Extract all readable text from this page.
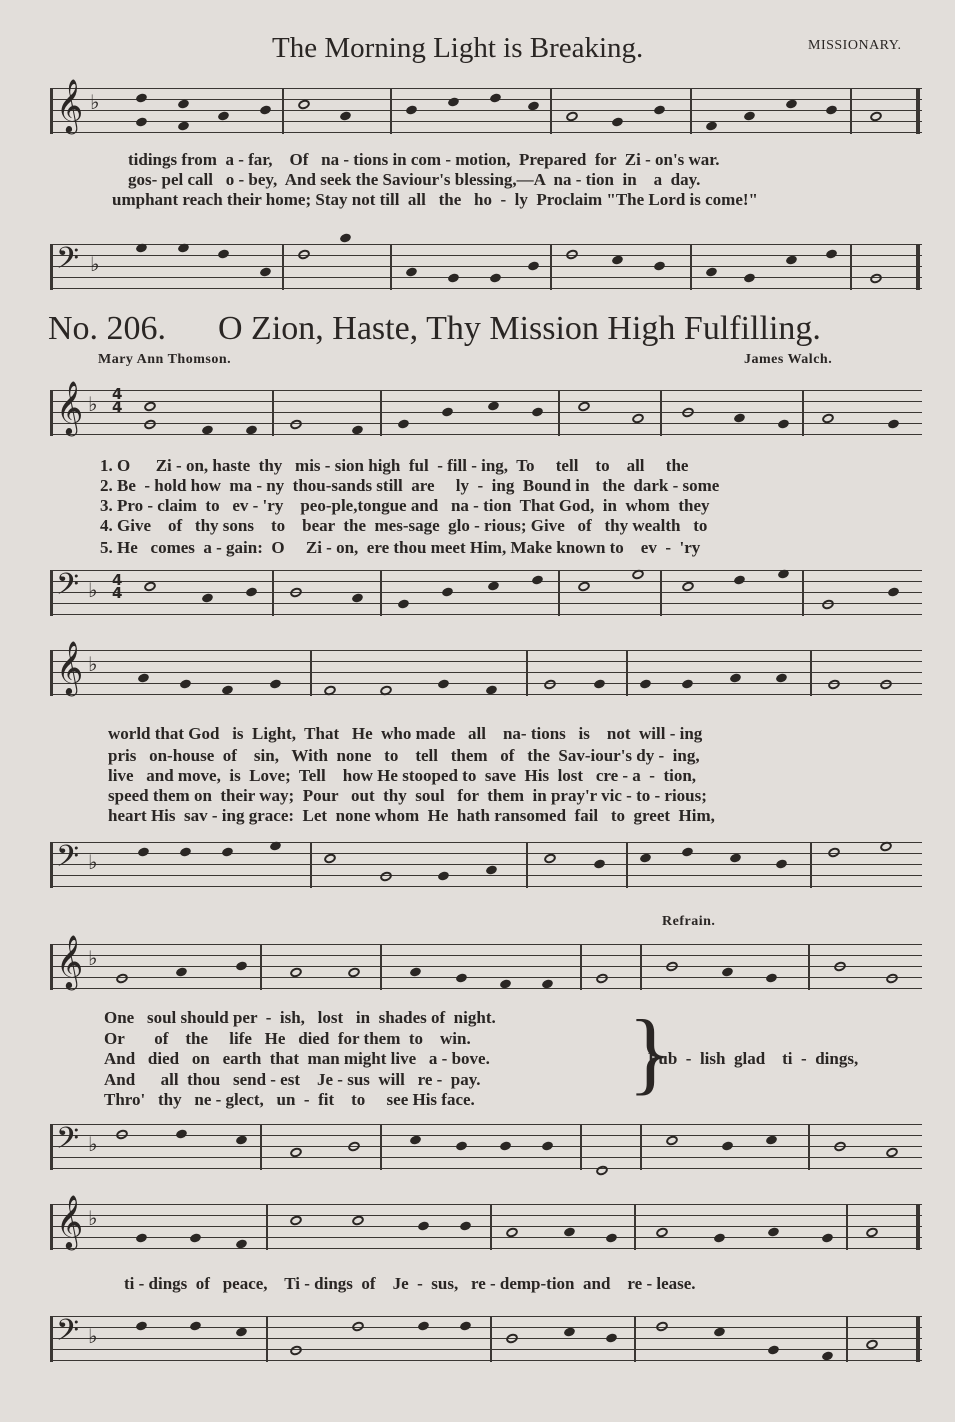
The Morning Light is Breaking.	MISSIONARY.
𝄞 ♭
tidings from  a - far,    Of   na - tions in com - motion,  Prepared  for  Zi - on's war.
gos- pel call   o - bey,  And seek the Saviour's blessing,—A  na - tion  in    a  day.
umphant reach their home; Stay not till  all   the   ho  -  ly  Proclaim "The Lord is come!"
𝄢 ♭
No. 206. O Zion, Haste, Thy Mission High Fulfilling.
Mary Ann Thomson.	James Walch.
𝄞 ♭ 4
4
1. O      Zi - on, haste  thy   mis - sion high  ful  - fill - ing,  To     tell    to    all     the
2. Be  - hold how  ma - ny  thou-sands still  are     ly  -  ing  Bound in   the  dark - some
3. Pro - claim  to   ev - 'ry    peo-ple,tongue and   na - tion  That God,  in  whom  they
4. Give    of   thy sons    to    bear  the  mes-sage  glo - rious; Give   of   thy wealth   to
5. He   comes  a - gain:  O     Zi - on,  ere thou meet Him, Make known to    ev  -  'ry
𝄢 ♭ 4
4
𝄞 ♭
world that God   is  Light,  That   He  who made   all    na- tions   is    not  will - ing
pris   on-house  of    sin,   With  none   to    tell   them   of   the  Sav-iour's dy -  ing,
live   and move,  is  Love;  Tell    how He stooped to  save  His  lost   cre - a  -  tion,
speed them on  their way;  Pour   out  thy  soul   for  them  in pray'r vic - to - rious;
heart His  sav - ing grace:  Let  none whom  He  hath ransomed  fail   to  greet  Him,
𝄢 ♭
Refrain.
𝄞 ♭
One   soul should per  -  ish,   lost   in  shades of  night.
Or       of    the     life   He   died  for them  to    win.
And   died   on   earth  that  man might live   a - bove.
And      all  thou   send - est    Je - sus  will   re -  pay.
Thro'   thy   ne - glect,   un  -  fit    to     see His face. }
Pub  -  lish  glad    ti  -  dings,
𝄢 ♭
𝄞 ♭
ti - dings  of   peace,    Ti - dings  of    Je  -  sus,   re - demp-tion  and    re - lease.
𝄢 ♭
